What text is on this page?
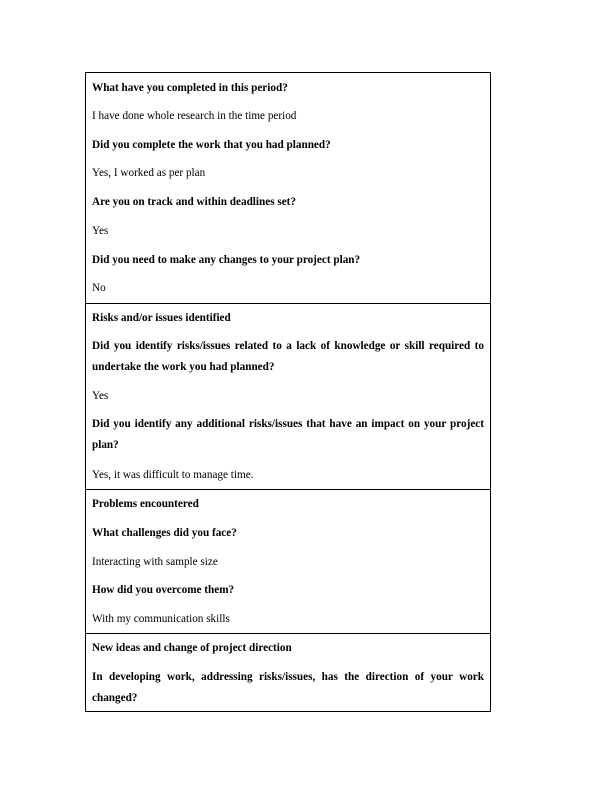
What have you completed in this period?

I have done whole research in the time period

Did you complete the work that you had planned?

Yes, I worked as per plan

Are you on track and within deadlines set?

Yes

Did you need to make any changes to your project plan?

No

Risks and/or issues identified

Did you identify risks/issues related to a lack of knowledge or skill required to undertake the work you had planned?

Yes

Did you identify any additional risks/issues that have an impact on your project plan?

Yes, it was difficult to manage time.

Problems encountered

What challenges did you face?

Interacting with sample size

How did you overcome them?

With my communication skills

New ideas and change of project direction

In developing work, addressing risks/issues, has the direction of your work changed?
